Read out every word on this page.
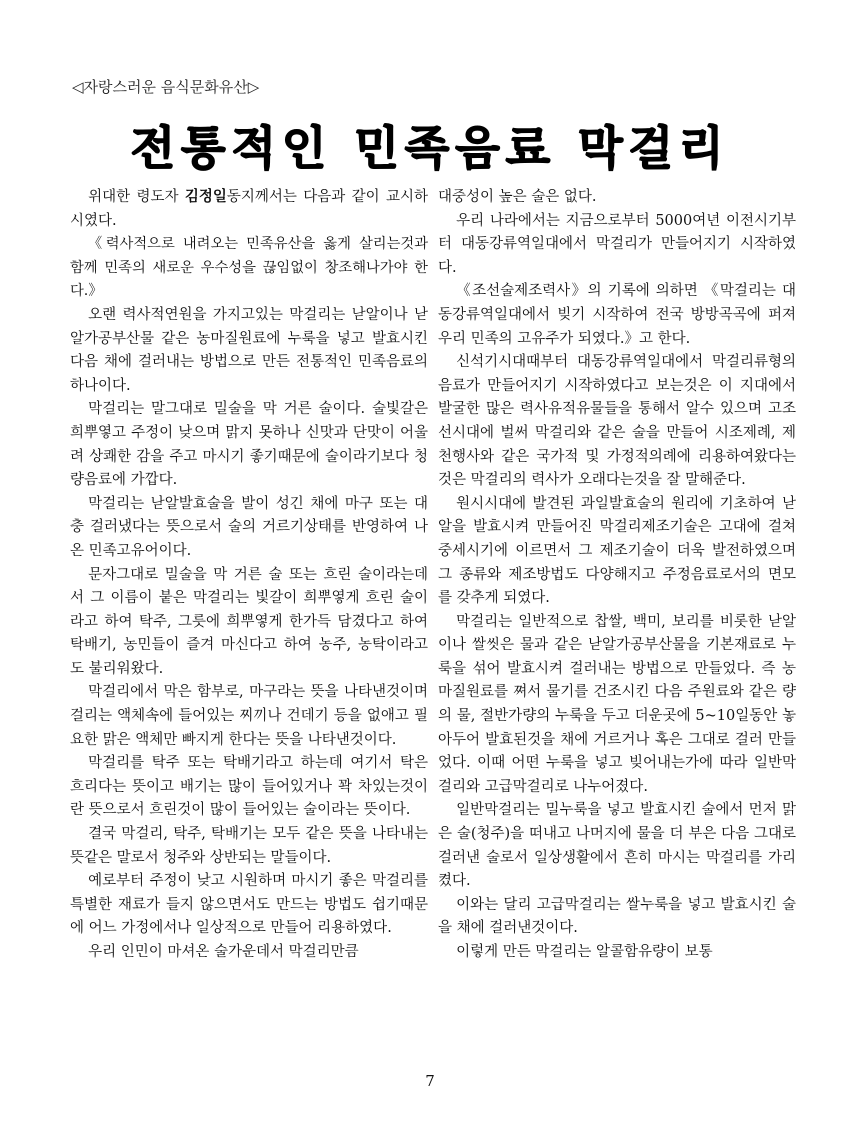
◁자랑스러운 음식문화유산▷
전통적인 민족음료 막걸리

위대한 령도자 김정일동지께서는 다음과 같이 교시하시였다.

《력사적으로 내려오는 민족유산을 옳게 살리는것과 함께 민족의 새로운 우수성을 끊임없이 창조해나가야 한다.》

오랜 력사적연원을 가지고있는 막걸리는 낟알이나 낟알가공부산물 같은 농마질원료에 누룩을 넣고 발효시킨 다음 채에 걸러내는 방법으로 만든 전통적인 민족음료의 하나이다.

막걸리는 말그대로 밀술을 막 거른 술이다. 술빛갈은 희뿌옇고 주정이 낮으며 맑지 못하나 신맛과 단맛이 어울려 상쾌한 감을 주고 마시기 좋기때문에 술이라기보다 청량음료에 가깝다.

막걸리는 낟알발효술을 발이 성긴 채에 마구 또는 대충 걸러냈다는 뜻으로서 술의 거르기상태를 반영하여 나온 민족고유어이다.

문자그대로 밀술을 막 거른 술 또는 흐린 술이라는데서 그 이름이 붙은 막걸리는 빛갈이 희뿌옇게 흐린 술이라고 하여 탁주, 그릇에 희뿌옇게 한가득 담겼다고 하여 탁배기, 농민들이 즐겨 마신다고 하여 농주, 농탁이라고도 불리워왔다.

막걸리에서 막은 함부로, 마구라는 뜻을 나타낸것이며 걸리는 액체속에 들어있는 찌끼나 건데기 등을 없애고 필요한 맑은 액체만 빠지게 한다는 뜻을 나타낸것이다.

막걸리를 탁주 또는 탁배기라고 하는데 여기서 탁은 흐리다는 뜻이고 배기는 많이 들어있거나 꽉 차있는것이란 뜻으로서 흐린것이 많이 들어있는 술이라는 뜻이다.

결국 막걸리, 탁주, 탁배기는 모두 같은 뜻을 나타내는 뜻같은 말로서 청주와 상반되는 말들이다.

예로부터 주정이 낮고 시원하며 마시기 좋은 막걸리를 특별한 재료가 들지 않으면서도 만드는 방법도 쉽기때문에 어느 가정에서나 일상적으로 만들어 리용하였다.

우리 인민이 마셔온 술가운데서 막걸리만큼

대중성이 높은 술은 없다.

우리 나라에서는 지금으로부터 5000여년 이전시기부터 대동강류역일대에서 막걸리가 만들어지기 시작하였다.

《조선술제조력사》의 기록에 의하면 《막걸리는 대동강류역일대에서 빚기 시작하여 전국 방방곡곡에 퍼져 우리 민족의 고유주가 되였다.》고 한다.

신석기시대때부터 대동강류역일대에서 막걸리류형의 음료가 만들어지기 시작하였다고 보는것은 이 지대에서 발굴한 많은 력사유적유물들을 통해서 알수 있으며 고조선시대에 벌써 막걸리와 같은 술을 만들어 시조제례, 제천행사와 같은 국가적 및 가정적의례에 리용하여왔다는것은 막걸리의 력사가 오래다는것을 잘 말해준다.

원시시대에 발견된 과일발효술의 원리에 기초하여 낟알을 발효시켜 만들어진 막걸리제조기술은 고대에 걸쳐 중세시기에 이르면서 그 제조기술이 더욱 발전하였으며 그 종류와 제조방법도 다양해지고 주정음료로서의 면모를 갖추게 되였다.

막걸리는 일반적으로 찹쌀, 백미, 보리를 비롯한 낟알이나 쌀씻은 물과 같은 낟알가공부산물을 기본재료로 누룩을 섞어 발효시켜 걸러내는 방법으로 만들었다. 즉 농마질원료를 쪄서 물기를 건조시킨 다음 주원료와 같은 량의 물, 절반가량의 누룩을 두고 더운곳에 5~10일동안 놓아두어 발효된것을 채에 거르거나 혹은 그대로 걸러 만들었다. 이때 어떤 누룩을 넣고 빚어내는가에 따라 일반막걸리와 고급막걸리로 나누어졌다.

일반막걸리는 밀누룩을 넣고 발효시킨 술에서 먼저 맑은 술(청주)을 떠내고 나머지에 물을 더 부은 다음 그대로 걸러낸 술로서 일상생활에서 흔히 마시는 막걸리를 가리켰다.

이와는 달리 고급막걸리는 쌀누룩을 넣고 발효시킨 술을 채에 걸러낸것이다.

이렇게 만든 막걸리는 알콜함유량이 보통

7
